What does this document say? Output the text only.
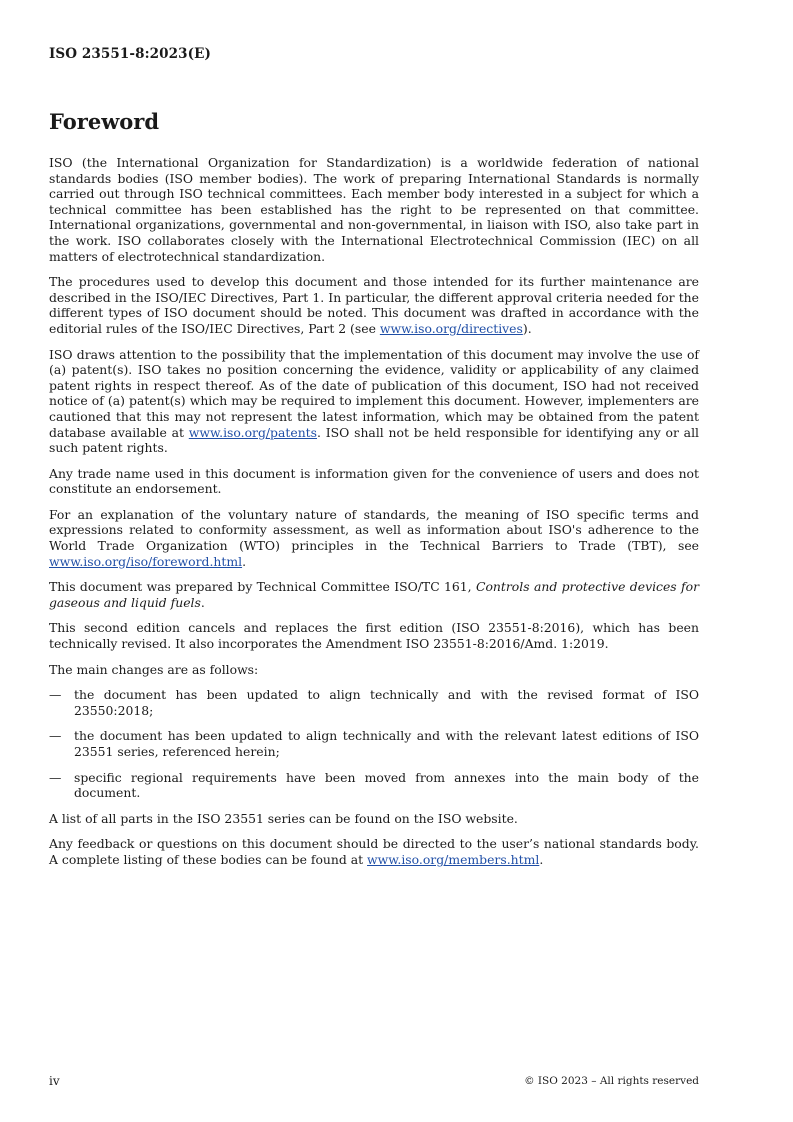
ISO 23551-8:2023(E)
Foreword

ISO (the International Organization for Standardization) is a worldwide federation of national standards bodies (ISO member bodies). The work of preparing International Standards is normally carried out through ISO technical committees. Each member body interested in a subject for which a technical committee has been established has the right to be represented on that committee. International organizations, governmental and non-governmental, in liaison with ISO, also take part in the work. ISO collaborates closely with the International Electrotechnical Commission (IEC) on all matters of electrotechnical standardization.

The procedures used to develop this document and those intended for its further maintenance are described in the ISO/IEC Directives, Part 1. In particular, the different approval criteria needed for the different types of ISO document should be noted. This document was drafted in accordance with the editorial rules of the ISO/IEC Directives, Part 2 (see www.iso.org/directives).

ISO draws attention to the possibility that the implementation of this document may involve the use of (a) patent(s). ISO takes no position concerning the evidence, validity or applicability of any claimed patent rights in respect thereof. As of the date of publication of this document, ISO had not received notice of (a) patent(s) which may be required to implement this document. However, implementers are cautioned that this may not represent the latest information, which may be obtained from the patent database available at www.iso.org/patents. ISO shall not be held responsible for identifying any or all such patent rights.

Any trade name used in this document is information given for the convenience of users and does not constitute an endorsement.

For an explanation of the voluntary nature of standards, the meaning of ISO specific terms and expressions related to conformity assessment, as well as information about ISO's adherence to the World Trade Organization (WTO) principles in the Technical Barriers to Trade (TBT), see www.iso.org/iso/foreword.html.

This document was prepared by Technical Committee ISO/TC 161, Controls and protective devices for gaseous and liquid fuels.

This second edition cancels and replaces the first edition (ISO 23551-8:2016), which has been technically revised. It also incorporates the Amendment ISO 23551-8:2016/Amd. 1:2019.

The main changes are as follows:

—	the document has been updated to align technically and with the revised format of ISO 23550:2018;
—	the document has been updated to align technically and with the relevant latest editions of ISO 23551 series, referenced herein;
—	specific regional requirements have been moved from annexes into the main body of the document.

A list of all parts in the ISO 23551 series can be found on the ISO website.

Any feedback or questions on this document should be directed to the user’s national standards body. A complete listing of these bodies can be found at www.iso.org/members.html.

iv	© ISO 2023 – All rights reserved
